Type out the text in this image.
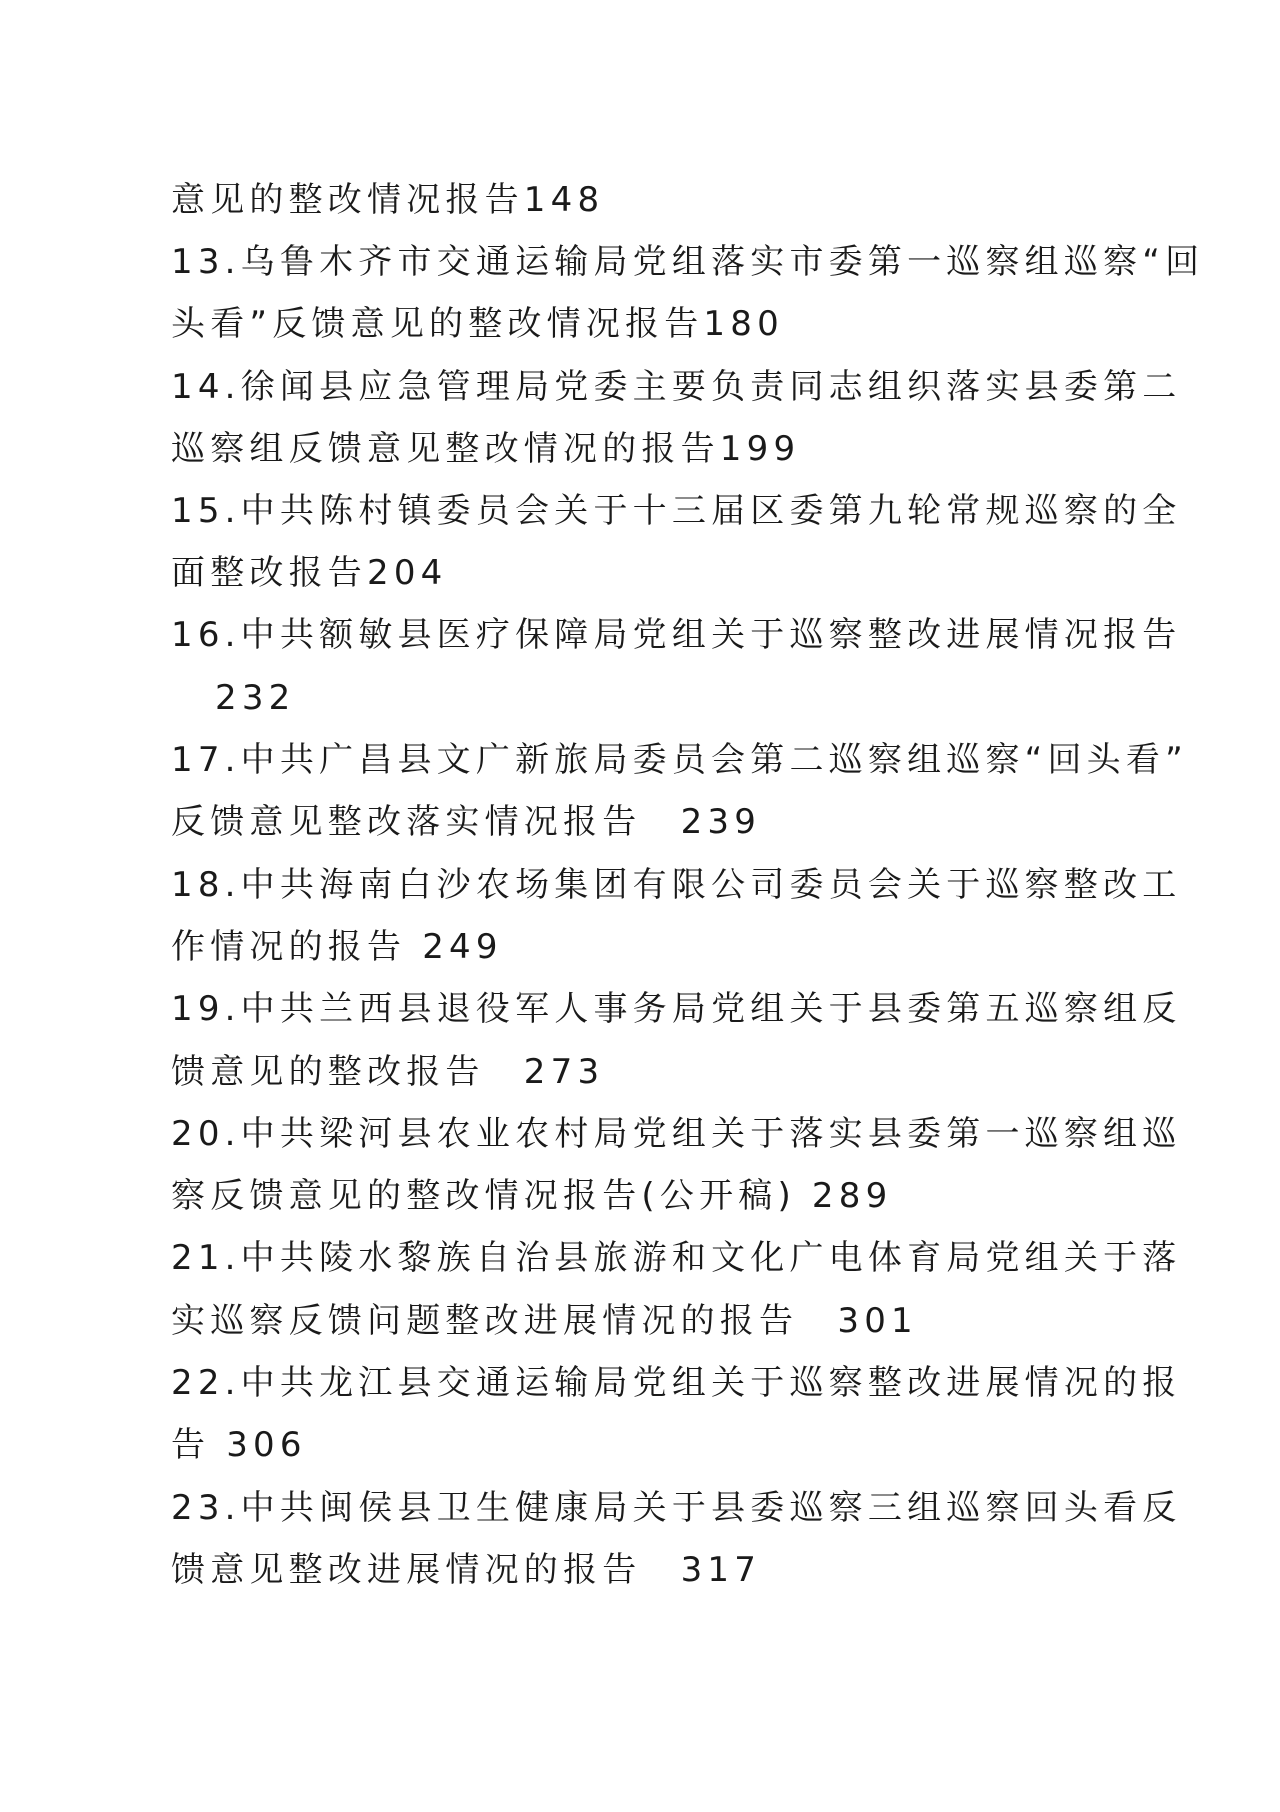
意见的整改情况报告148
13.乌鲁木齐市交通运输局党组落实市委第一巡察组巡察“回
头看”反馈意见的整改情况报告180
14.徐闻县应急管理局党委主要负责同志组织落实县委第二
巡察组反馈意见整改情况的报告199
15.中共陈村镇委员会关于十三届区委第九轮常规巡察的全
面整改报告204
16.中共额敏县医疗保障局党组关于巡察整改进展情况报告
232
17.中共广昌县文广新旅局委员会第二巡察组巡察“回头看”
反馈意见整改落实情况报告　239
18.中共海南白沙农场集团有限公司委员会关于巡察整改工
作情况的报告 249
19.中共兰西县退役军人事务局党组关于县委第五巡察组反
馈意见的整改报告　273
20.中共梁河县农业农村局党组关于落实县委第一巡察组巡
察反馈意见的整改情况报告(公开稿) 289
21.中共陵水黎族自治县旅游和文化广电体育局党组关于落
实巡察反馈问题整改进展情况的报告　301
22.中共龙江县交通运输局党组关于巡察整改进展情况的报
告 306
23.中共闽侯县卫生健康局关于县委巡察三组巡察回头看反
馈意见整改进展情况的报告　317
